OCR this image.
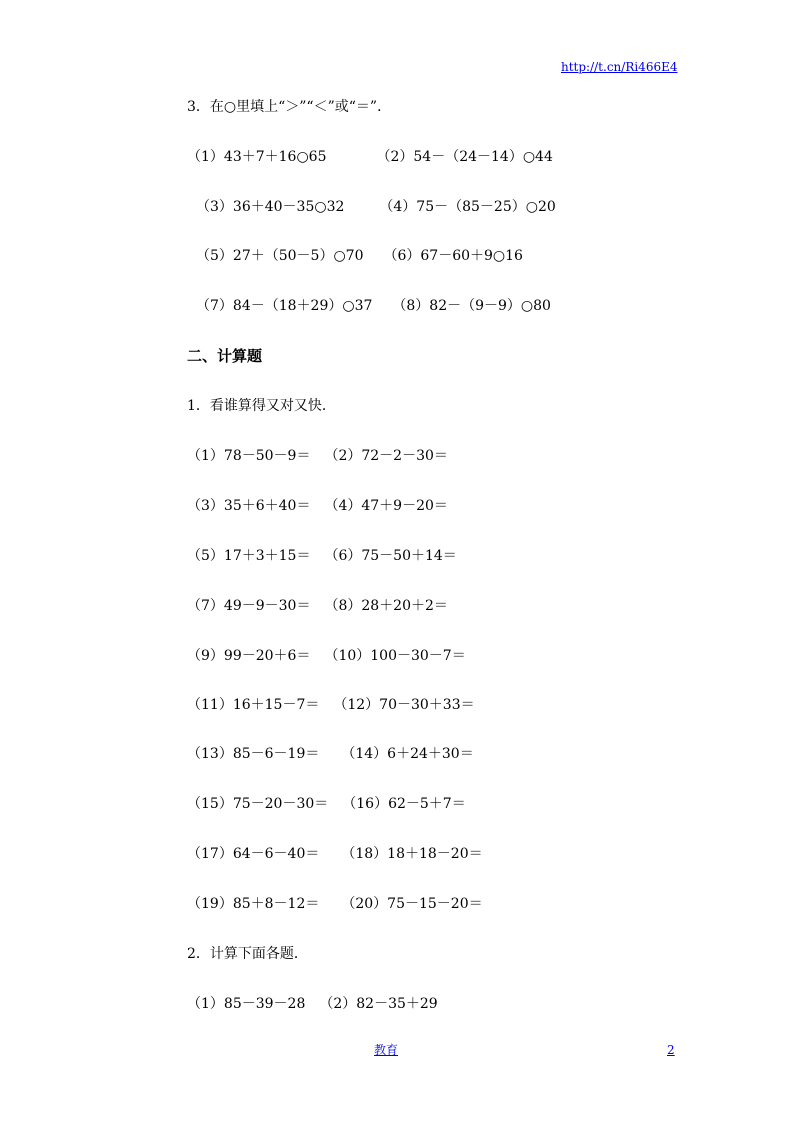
http://t.cn/Ri466E4
3．在○里填上“＞”“＜”或“＝”．
（1）43＋7＋16○65	（2）54－（24－14）○44
（3）36＋40－35○32	（4）75－（85－25）○20
（5）27＋（50－5）○70 （6）67－60＋9○16
（7）84－（18＋29）○37 （8）82－（9－9）○80
二、计算题
1．看谁算得又对又快．
（1）78－50－9＝ （2）72－2－30＝
（3）35＋6＋40＝ （4）47＋9－20＝
（5）17＋3＋15＝ （6）75－50＋14＝
（7）49－9－30＝ （8）28＋20＋2＝
（9）99－20＋6＝ （10）100－30－7＝
（11）16＋15－7＝ （12）70－30＋33＝
（13）85－6－19＝ （14）6＋24＋30＝
（15）75－20－30＝ （16）62－5＋7＝
（17）64－6－40＝ （18）18＋18－20＝
（19）85＋8－12＝ （20）75－15－20＝
2．计算下面各题．
（1）85－39－28 （2）82－35＋29
教育	2
